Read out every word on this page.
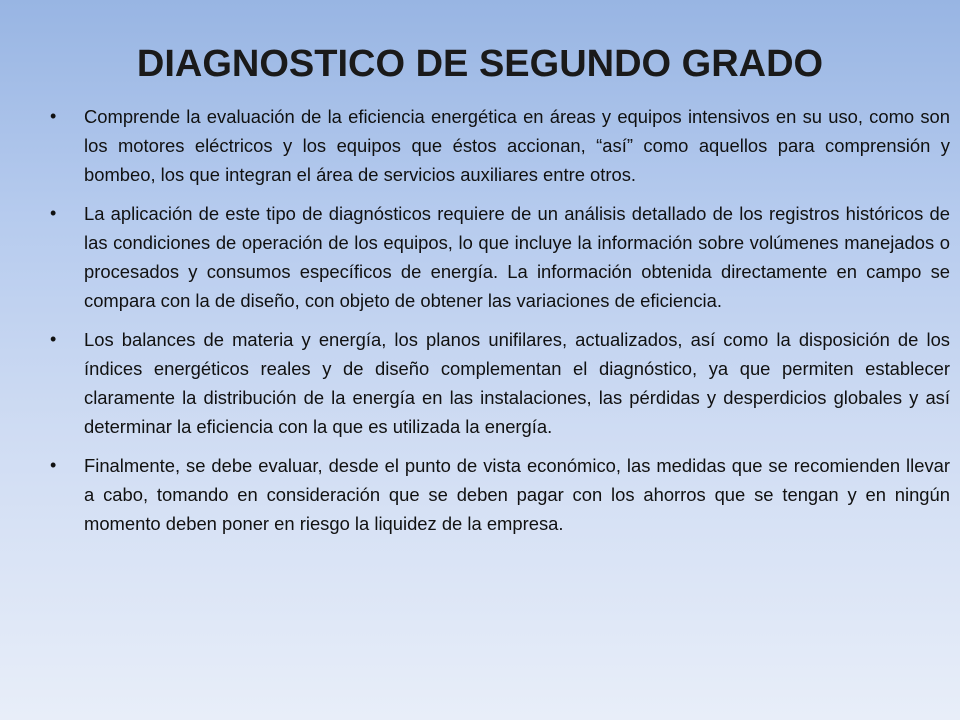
DIAGNOSTICO DE SEGUNDO GRADO
• Comprende la evaluación de la eficiencia energética en áreas y equipos intensivos en su uso, como son los motores eléctricos y los equipos que éstos accionan, “así” como aquellos para comprensión y bombeo, los que integran el área de servicios auxiliares entre otros.
• La aplicación de este tipo de diagnósticos requiere de un análisis detallado de los registros históricos de las condiciones de operación de los equipos, lo que incluye la información sobre volúmenes manejados o procesados y consumos específicos de energía. La información obtenida directamente en campo se compara con la de diseño, con objeto de obtener las variaciones de eficiencia.
• Los balances de materia y energía, los planos unifilares, actualizados, así como la disposición de los índices energéticos reales y de diseño complementan el diagnóstico, ya que permiten establecer claramente la distribución de la energía en las instalaciones, las pérdidas y desperdicios globales y así determinar la eficiencia con la que es utilizada la energía.
• Finalmente, se debe evaluar, desde el punto de vista económico, las medidas que se recomienden llevar a cabo, tomando en consideración que se deben pagar con los ahorros que se tengan y en ningún momento deben poner en riesgo la liquidez de la empresa.
